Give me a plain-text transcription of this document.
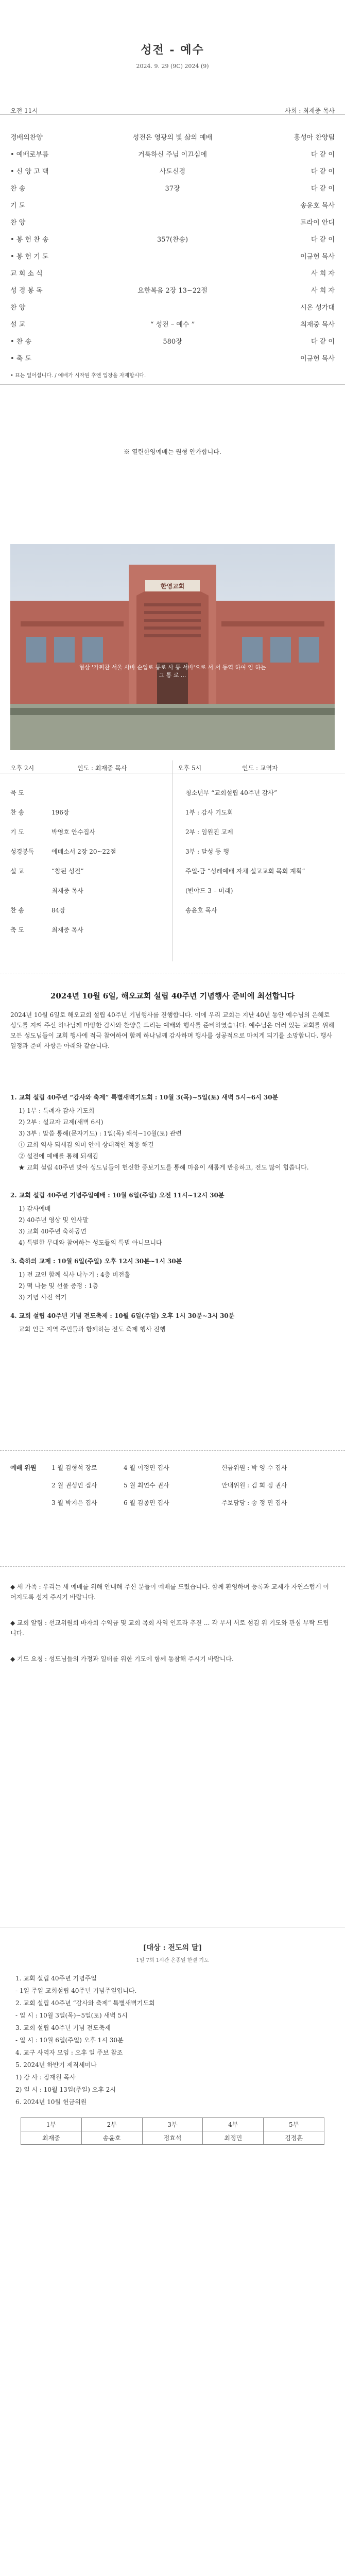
성전 - 예수
2024. 9. 29 (9C) 2024 (9)
오전 11시	사회 : 최재중 목사
경배의찬양	성전은 영광의 빛 삶의 예배	홍성아 찬양팀
• 예배로부름	거룩하신 주님 이끄심에	다 같 이
• 신 앙 고 백	사도신경	다 같 이
찬 송	37장	다 같 이
기 도	송윤호 목사
찬 양	트라이 안디
• 봉 헌 찬 송	357(찬송)	다 같 이
• 봉 헌 기 도	이규헌 목사
교 회 소 식	사 회 자
성 경 봉 독	요한복음 2장 13~22절	사 회 자
찬 양	시온 성가대
설 교	“ 성전 – 예수 ”	최재중 목사
• 찬 송	580장	다 같 이
• 축 도	이규헌 목사
• 표는 일어섭니다. / 예배가 시작된 후엔 입장을 자제합시다.
※ 열린한영예배는 원형 안가합니다.
한영교회
형상 '가쩌찬 서울 사바 순입로 통로 사 통 서바'으로 서 서 동역 하여 임 하는 그 통 로 ...
오후 2시	인도 : 최재중 목사	오후 5시	인도 : 교역자
묵 도
찬 송	196장
기 도	박영호 안수집사
성경봉독	에베소서 2장 20~22절
설 교	“참된 성전”
최재중 목사
찬 송	84장
축 도	최재중 목사
청소년부 “교회설립 40주년 감사”
1부 : 감사 기도회
2부 : 임원진 교제
3부 : 달성 등 행
주일-금 “성례예배 자체 설교교회 목회 계획”
(빈야드 3 – 미래)
송윤호 목사
2024년 10월 6일, 해오교회 설립 40주년 기념행사 준비에 최선합니다
2024년 10월 6일로 해오교회 설립 40주년 기념행사를 진행합니다. 이에 우리 교회는 지난 40년 동안 예수님의 은혜로 성도를 지켜 주신 하나님께 마땅한 감사와 찬양을 드리는 예배와 행사를 준비하였습니다. 예수님은 더러 있는 교회를 위해 모든 성도님들이 교회 행사에 적극 참여하여 함께 하나님께 감사하며 행사를 성공적으로 마치게 되기를 소망합니다. 행사 일정과 준비 사항은 아래와 같습니다.
1. 교회 설립 40주년 “감사와 축제” 특별새벽기도회 : 10월 3(목)~5일(토) 새벽 5시~6시 30분
1) 1부 : 특례자 감사 기도회
2) 2부 : 설교자 교제(새벽 6시)
3) 3부 : 말씀 통해(문자기도) : 1일(목) 해석~10월(토) 관련
① 교회 역사 되새김 의미 안에 상대적인 적용 해결
② 설전에 예배를 통해 되새김
★ 교회 설립 40주년 맞아 성도님들이 헌신한 중보기도를 통해 마음이 새롭게 반응하고, 전도 많이 힘씁니다.
2. 교회 설립 40주년 기념주일예배 : 10월 6일(주일) 오전 11시~12시 30분
1) 감사예배
2) 40주년 영상 및 인사말
3) 교회 40주년 축하공연
4) 특별한 무대와 참여하는 성도들의 특별 아니므니다
3. 축하의 교제 : 10월 6일(주일) 오후 12시 30분~1시 30분
1) 전 교인 함께 식사 나누기 : 4층 비전홀
2) 떡 나눔 및 선물 증정 : 1층
3) 기념 사진 찍기
4. 교회 설립 40주년 기념 전도축제 : 10월 6일(주일) 오후 1시 30분~3시 30분
교회 인근 지역 주민들과 함께하는 전도 축제 행사 진행
예배 위원 1 월 김형석 장로
2 월 권성민 집사
3 월 박지은 집사
4 월 이정민 집사
5 월 최연수 권사
6 월 김종민 집사
헌금위원 : 박 영 수 집사
안내위원 : 김 희 정 권사
주보담당 : 송 정 민 집사
◆ 새 가족 : 우리는 새 예배를 위해 안내해 주신 분들이 예배를 드렸습니다. 함께 환영하며 등록과 교제가 자연스럽게 이어지도록 섬겨 주시기 바랍니다.
◆ 교회 알림 : 선교위원회 바자회 수익금 및 교회 목회 사역 인프라 추진 ... 각 부서 서로 섬김 위 기도와 관심 부탁 드립니다.
◆ 기도 요청 : 성도님들의 가정과 일터를 위한 기도에 함께 동참해 주시기 바랍니다.
[대상 : 전도의 달]
1일 7회 1시간 온종일 한결 기도
1. 교회 설립 40주년 기념주일
- 1일 주일 교회설립 40주년 기념주일입니다.
2. 교회 설립 40주년 “감사와 축제” 특별새벽기도회
- 일 시 : 10월 3일(목)~5일(토) 새벽 5시
3. 교회 설립 40주년 기념 전도축제
- 일 시 : 10월 6일(주일) 오후 1시 30분
4. 교구 사역자 모임 : 오후 일 주보 참조
5. 2024년 하반기 제직세미나
1) 강 사 : 장재원 목사
2) 일 시 : 10월 13일(주일) 오후 2시
6. 2024년 10월 헌금위원
1부	2부	3부	4부	5부
최재중	송윤호	정효석	최정민	김정훈
